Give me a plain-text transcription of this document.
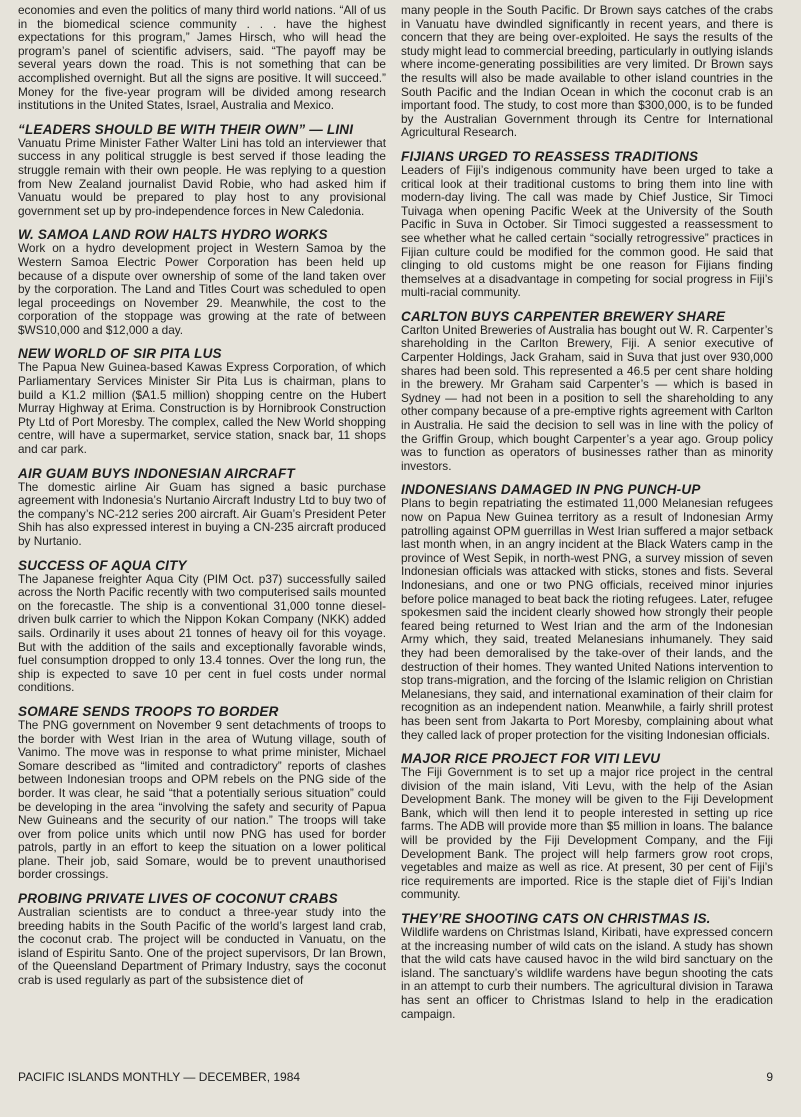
economies and even the politics of many third world nations. “All of us in the biomedical science community . . . have the highest expectations for this program,” James Hirsch, who will head the program’s panel of scientific advisers, said. “The payoff may be several years down the road. This is not something that can be accomplished overnight. But all the signs are positive. It will succeed.” Money for the five-year program will be divided among research institutions in the United States, Israel, Australia and Mexico.

“LEADERS SHOULD BE WITH THEIR OWN” — LINI

Vanuatu Prime Minister Father Walter Lini has told an interviewer that success in any political struggle is best served if those leading the struggle remain with their own people. He was replying to a question from New Zealand journalist David Robie, who had asked him if Vanuatu would be prepared to play host to any provisional government set up by pro-independence forces in New Caledonia.

W. SAMOA LAND ROW HALTS HYDRO WORKS

Work on a hydro development project in Western Samoa by the Western Samoa Electric Power Corporation has been held up because of a dispute over ownership of some of the land taken over by the corporation. The Land and Titles Court was scheduled to open legal proceedings on November 29. Meanwhile, the cost to the corporation of the stoppage was growing at the rate of between $WS10,000 and $12,000 a day.

NEW WORLD OF SIR PITA LUS

The Papua New Guinea-based Kawas Express Corporation, of which Parliamentary Services Minister Sir Pita Lus is chairman, plans to build a K1.2 million ($A1.5 million) shopping centre on the Hubert Murray Highway at Erima. Construction is by Hornibrook Construction Pty Ltd of Port Moresby. The complex, called the New World shopping centre, will have a supermarket, service station, snack bar, 11 shops and car park.

AIR GUAM BUYS INDONESIAN AIRCRAFT

The domestic airline Air Guam has signed a basic purchase agreement with Indonesia’s Nurtanio Aircraft Industry Ltd to buy two of the company’s NC-212 series 200 aircraft. Air Guam’s President Peter Shih has also expressed interest in buying a CN-235 aircraft produced by Nurtanio.

SUCCESS OF AQUA CITY

The Japanese freighter Aqua City (PIM Oct. p37) successfully sailed across the North Pacific recently with two computerised sails mounted on the forecastle. The ship is a conventional 31,000 tonne diesel-driven bulk carrier to which the Nippon Kokan Company (NKK) added sails. Ordinarily it uses about 21 tonnes of heavy oil for this voyage. But with the addition of the sails and exceptionally favorable winds, fuel consumption dropped to only 13.4 tonnes. Over the long run, the ship is expected to save 10 per cent in fuel costs under normal conditions.

SOMARE SENDS TROOPS TO BORDER

The PNG government on November 9 sent detachments of troops to the border with West Irian in the area of Wutung village, south of Vanimo. The move was in response to what prime minister, Michael Somare described as “limited and contradictory” reports of clashes between Indonesian troops and OPM rebels on the PNG side of the border. It was clear, he said “that a potentially serious situation” could be developing in the area “involving the safety and security of Papua New Guineans and the security of our nation.” The troops will take over from police units which until now PNG has used for border patrols, partly in an effort to keep the situation on a lower political plane. Their job, said Somare, would be to prevent unauthorised border crossings.

PROBING PRIVATE LIVES OF COCONUT CRABS

Australian scientists are to conduct a three-year study into the breeding habits in the South Pacific of the world’s largest land crab, the coconut crab. The project will be conducted in Vanuatu, on the island of Espiritu Santo. One of the project supervisors, Dr Ian Brown, of the Queensland Department of Primary Industry, says the coconut crab is used regularly as part of the subsistence diet of

many people in the South Pacific. Dr Brown says catches of the crabs in Vanuatu have dwindled significantly in recent years, and there is concern that they are being over-exploited. He says the results of the study might lead to commercial breeding, particularly in outlying islands where income-generating possibilities are very limited. Dr Brown says the results will also be made available to other island countries in the South Pacific and the Indian Ocean in which the coconut crab is an important food. The study, to cost more than $300,000, is to be funded by the Australian Government through its Centre for International Agricultural Research.

FIJIANS URGED TO REASSESS TRADITIONS

Leaders of Fiji’s indigenous community have been urged to take a critical look at their traditional customs to bring them into line with modern-day living. The call was made by Chief Justice, Sir Timoci Tuivaga when opening Pacific Week at the University of the South Pacific in Suva in October. Sir Timoci suggested a reassessment to see whether what he called certain “socially retrogressive” practices in Fijian culture could be modified for the common good. He said that clinging to old customs might be one reason for Fijians finding themselves at a disadvantage in competing for social progress in Fiji’s multi-racial community.

CARLTON BUYS CARPENTER BREWERY SHARE

Carlton United Breweries of Australia has bought out W. R. Carpenter’s shareholding in the Carlton Brewery, Fiji. A senior executive of Carpenter Holdings, Jack Graham, said in Suva that just over 930,000 shares had been sold. This represented a 46.5 per cent share holding in the brewery. Mr Graham said Carpenter’s — which is based in Sydney — had not been in a position to sell the shareholding to any other company because of a pre-emptive rights agreement with Carlton in Australia. He said the decision to sell was in line with the policy of the Griffin Group, which bought Carpenter’s a year ago. Group policy was to function as operators of businesses rather than as minority investors.

INDONESIANS DAMAGED IN PNG PUNCH-UP

Plans to begin repatriating the estimated 11,000 Melanesian refugees now on Papua New Guinea territory as a result of Indonesian Army patrolling against OPM guerrillas in West Irian suffered a major setback last month when, in an angry incident at the Black Waters camp in the province of West Sepik, in north-west PNG, a survey mission of seven Indonesian officials was attacked with sticks, stones and fists. Several Indonesians, and one or two PNG officials, received minor injuries before police managed to beat back the rioting refugees. Later, refugee spokesmen said the incident clearly showed how strongly their people feared being returned to West Irian and the arm of the Indonesian Army which, they said, treated Melanesians inhumanely. They said they had been demoralised by the take-over of their lands, and the destruction of their homes. They wanted United Nations intervention to stop trans-migration, and the forcing of the Islamic religion on Christian Melanesians, they said, and international examination of their claim for recognition as an independent nation. Meanwhile, a fairly shrill protest has been sent from Jakarta to Port Moresby, complaining about what they called lack of proper protection for the visiting Indonesian officials.

MAJOR RICE PROJECT FOR VITI LEVU

The Fiji Government is to set up a major rice project in the central division of the main island, Viti Levu, with the help of the Asian Development Bank. The money will be given to the Fiji Development Bank, which will then lend it to people interested in setting up rice farms. The ADB will provide more than $5 million in loans. The balance will be provided by the Fiji Development Company, and the Fiji Development Bank. The project will help farmers grow root crops, vegetables and maize as well as rice. At present, 30 per cent of Fiji’s rice requirements are imported. Rice is the staple diet of Fiji’s Indian community.

THEY’RE SHOOTING CATS ON CHRISTMAS IS.

Wildlife wardens on Christmas Island, Kiribati, have expressed concern at the increasing number of wild cats on the island. A study has shown that the wild cats have caused havoc in the wild bird sanctuary on the island. The sanctuary’s wildlife wardens have begun shooting the cats in an attempt to curb their numbers. The agricultural division in Tarawa has sent an officer to Christmas Island to help in the eradication campaign.

PACIFIC ISLANDS MONTHLY — DECEMBER, 1984	9
